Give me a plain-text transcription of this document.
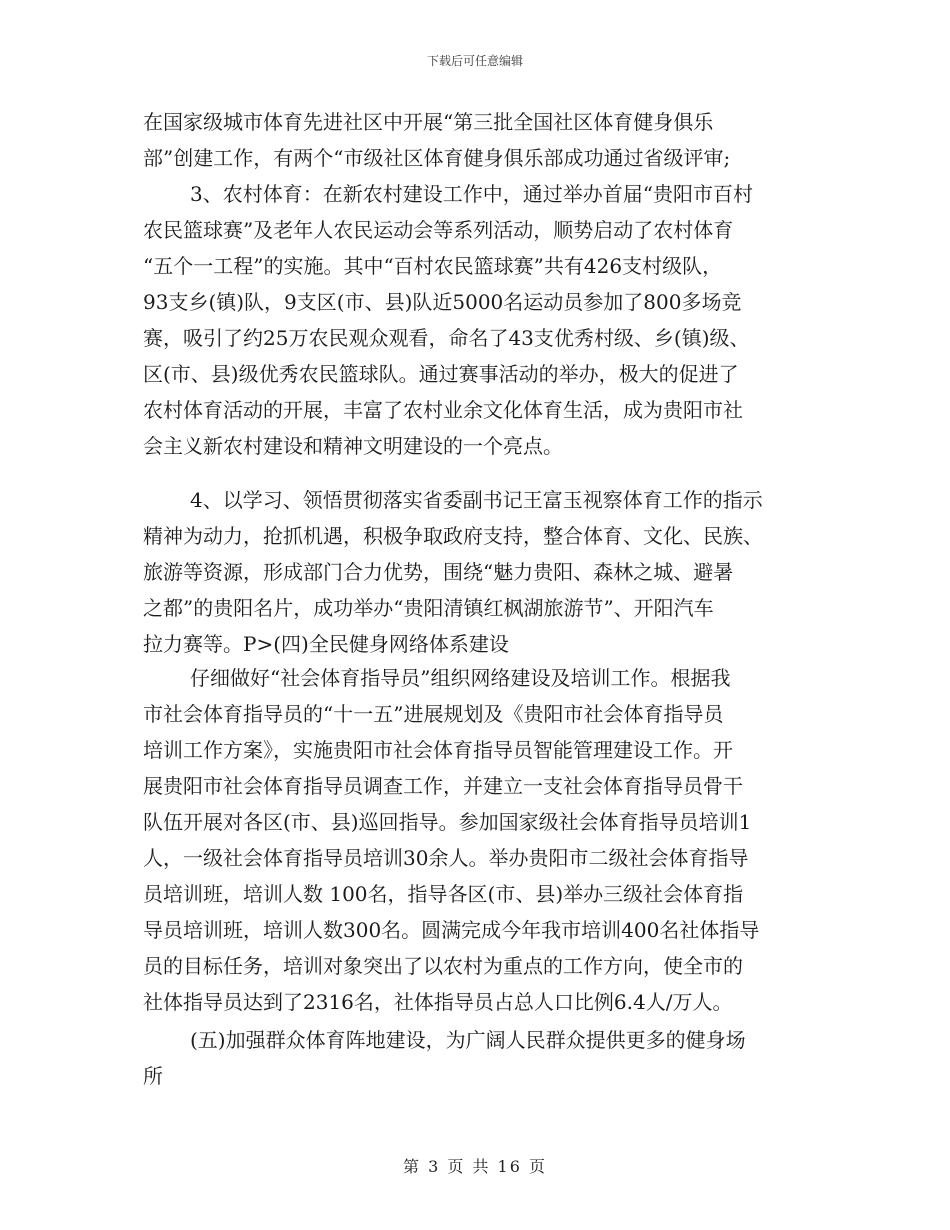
下载后可任意编辑
在国家级城市体育先进社区中开展“第三批全国社区体育健身俱乐
部”创建工作，有两个“市级社区体育健身俱乐部成功通过省级评审;
　3、农村体育：在新农村建设工作中，通过举办首届“贵阳市百村
农民篮球赛”及老年人农民运动会等系列活动，顺势启动了农村体育
“五个一工程”的实施。其中“百村农民篮球赛”共有426支村级队，
93支乡(镇)队，9支区(市、县)队近5000名运动员参加了800多场竞
赛，吸引了约25万农民观众观看，命名了43支优秀村级、乡(镇)级、
区(市、县)级优秀农民篮球队。通过赛事活动的举办，极大的促进了
农村体育活动的开展，丰富了农村业余文化体育生活，成为贵阳市社
会主义新农村建设和精神文明建设的一个亮点。
　4、以学习、领悟贯彻落实省委副书记王富玉视察体育工作的指示
精神为动力，抢抓机遇，积极争取政府支持，整合体育、文化、民族、
旅游等资源，形成部门合力优势，围绕“魅力贵阳、森林之城、避暑
之都”的贵阳名片，成功举办“贵阳清镇红枫湖旅游节”、开阳汽车
拉力赛等。P>(四)全民健身网络体系建设
　仔细做好“社会体育指导员”组织网络建设及培训工作。根据我
市社会体育指导员的“十一五”进展规划及《贵阳市社会体育指导员
培训工作方案》，实施贵阳市社会体育指导员智能管理建设工作。开
展贵阳市社会体育指导员调查工作，并建立一支社会体育指导员骨干
队伍开展对各区(市、县)巡回指导。参加国家级社会体育指导员培训1
人，一级社会体育指导员培训30余人。举办贵阳市二级社会体育指导
员培训班，培训人数 100名，指导各区(市、县)举办三级社会体育指
导员培训班，培训人数300名。圆满完成今年我市培训400名社体指导
员的目标任务，培训对象突出了以农村为重点的工作方向，使全市的
社体指导员达到了2316名，社体指导员占总人口比例6.4人/万人。
　(五)加强群众体育阵地建设，为广阔人民群众提供更多的健身场
所
第 3 页 共 16 页
